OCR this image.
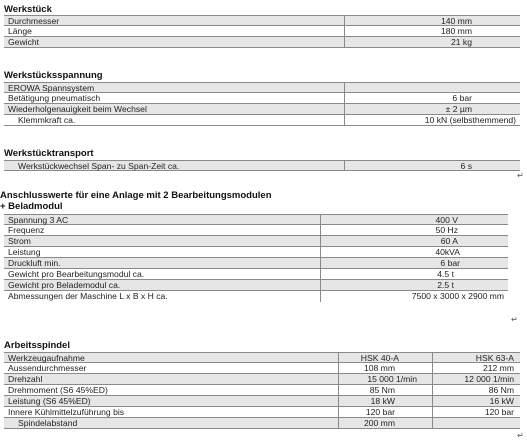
Werkstück
Durchmesser	140 mm
Länge	180 mm
Gewicht	21 kg
Werkstücksspannung
EROWA Spannsystem
Betätigung pneumatisch	6 bar
Wiederholgenauigkeit beim Wechsel	± 2 µm
Klemmkraft ca.	10 kN (selbsthemmend)
Werkstücktransport
Werkstückwechsel Span- zu Span-Zeit ca.	6 s
↵
Anschlusswerte für eine Anlage mit 2 Bearbeitungsmodulen
+ Beladmodul
Spannung 3 AC	400 V
Frequenz	50 Hz
Strom	60 A
Leistung	40kVA
Druckluft min.	6 bar
Gewicht pro Bearbeitungsmodul ca.	4.5 t
Gewicht pro Belademodul ca.	2.5 t
Abmessungen der Maschine L x B x H ca.	7500 x 3000 x 2900 mm
↵
Arbeitsspindel
Werkzeugaufnahme	HSK 40-A	HSK 63-A
Aussendurchmesser	108 mm	212 mm
Drehzahl	15 000 1/min	12 000 1/min
Drehmoment (S6 45%ED)	85 Nm	86 Nm
Leistung (S6 45%ED)	18 kW	16 kW
Innere Kühlmittelzuführung bis	120 bar	120 bar
Spindelabstand	200 mm
↵
